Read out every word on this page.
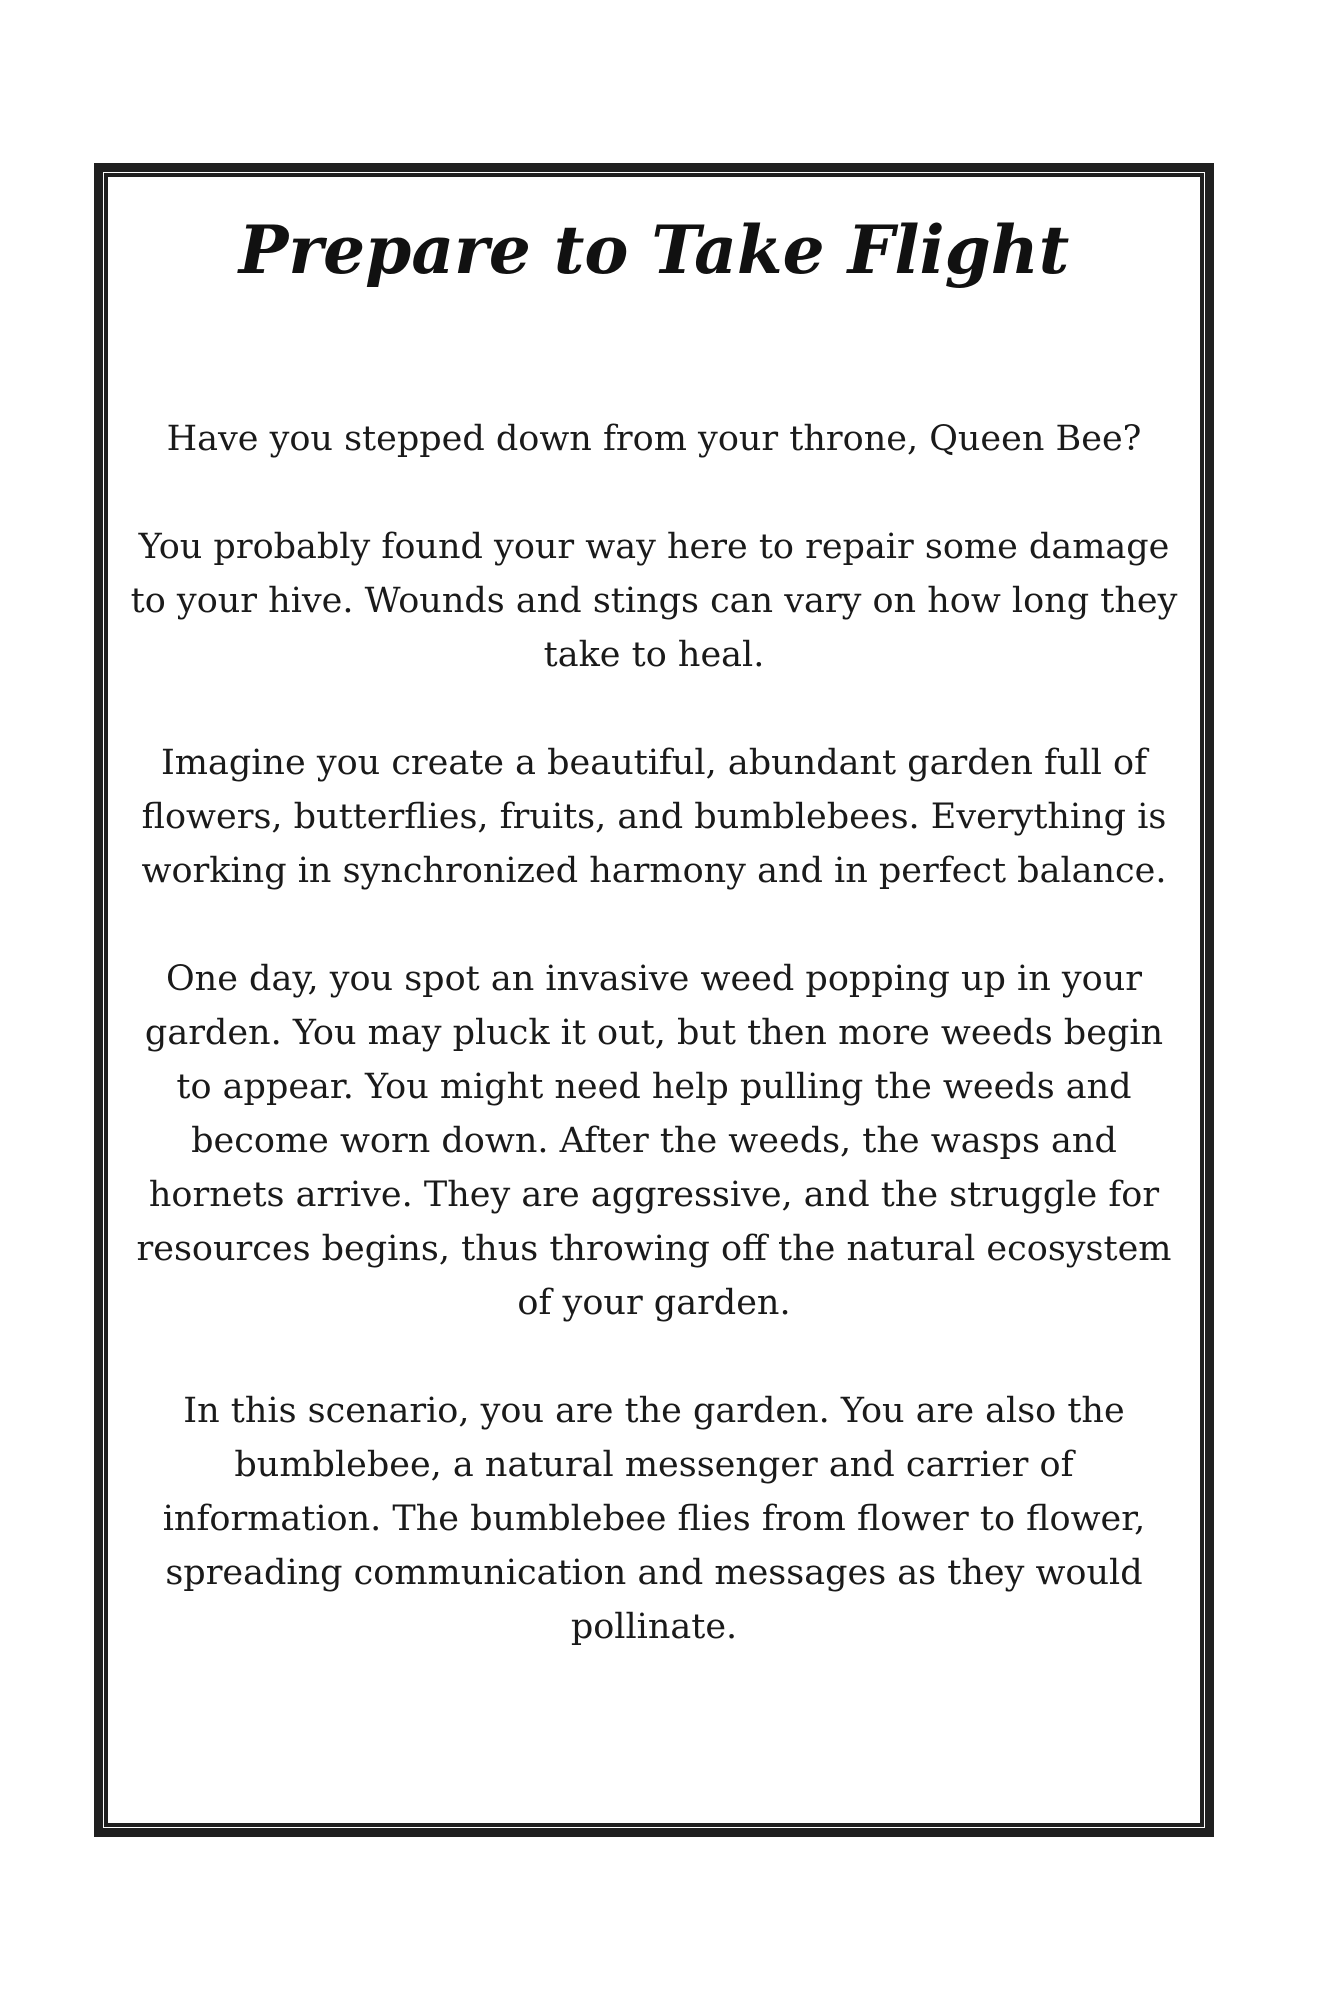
Prepare to Take Flight

Have you stepped down from your throne, Queen Bee?

You probably found your way here to repair some damage to your hive. Wounds and stings can vary on how long they take to heal.

Imagine you create a beautiful, abundant garden full of flowers, butterflies, fruits, and bumblebees. Everything is working in synchronized harmony and in perfect balance.

One day, you spot an invasive weed popping up in your garden. You may pluck it out, but then more weeds begin to appear. You might need help pulling the weeds and become worn down. After the weeds, the wasps and hornets arrive. They are aggressive, and the struggle for resources begins, thus throwing off the natural ecosystem of your garden.

In this scenario, you are the garden. You are also the bumblebee, a natural messenger and carrier of information. The bumblebee flies from flower to flower, spreading communication and messages as they would pollinate.
